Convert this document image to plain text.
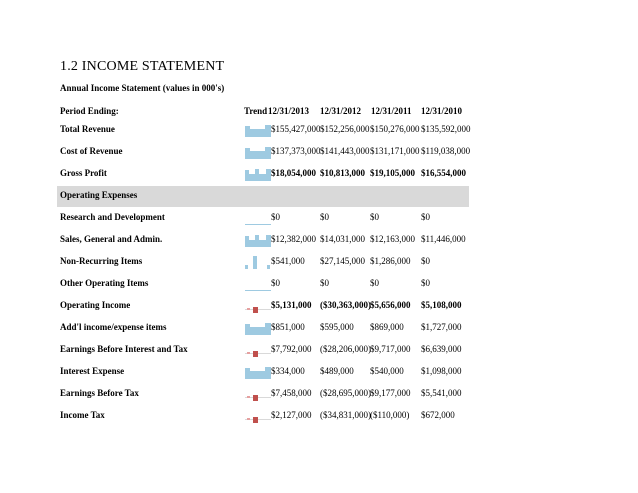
1.2 INCOME STATEMENT
Annual Income Statement (values in 000's)
Period Ending:	Trend 12/31/2013 12/31/2012 12/31/2011 12/31/2010
Total Revenue	$155,427,000 $152,256,000 $150,276,000 $135,592,000
Cost of Revenue	$137,373,000 $141,443,000 $131,171,000 $119,038,000
Gross Profit	$18,054,000 $10,813,000 $19,105,000 $16,554,000
Operating Expenses
Research and Development	$0	$0	$0	$0
Sales, General and Admin.	$12,382,000 $14,031,000 $12,163,000 $11,446,000
Non-Recurring Items	$541,000 $27,145,000 $1,286,000 $0
Other Operating Items	$0	$0	$0	$0
Operating Income	$5,131,000 ($30,363,000) $5,656,000 $5,108,000
Add'l income/expense items	$851,000 $595,000 $869,000 $1,727,000
Earnings Before Interest and Tax	$7,792,000 ($28,206,000) $9,717,000 $6,639,000
Interest Expense	$334,000 $489,000 $540,000 $1,098,000
Earnings Before Tax	$7,458,000 ($28,695,000) $9,177,000 $5,541,000
Income Tax	$2,127,000 ($34,831,000) ($110,000) $672,000
